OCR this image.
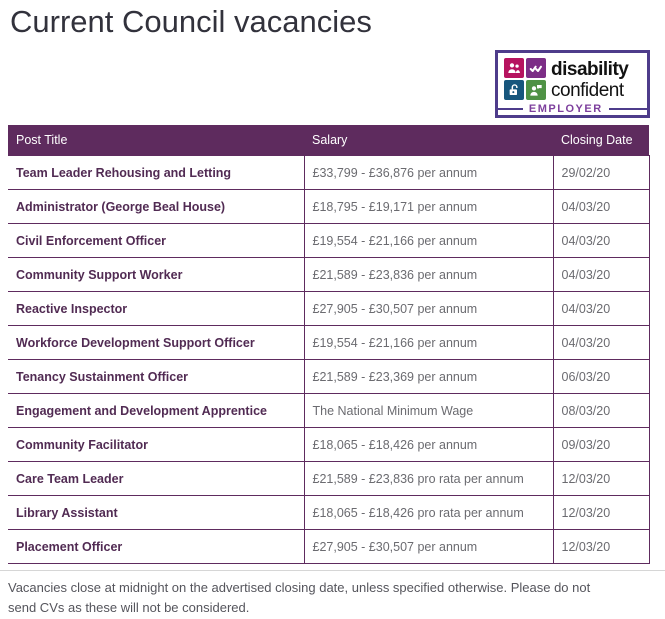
Current Council vacancies
disability
confident
EMPLOYER
Post Title	Salary	Closing Date
Team Leader Rehousing and Letting	£33,799 - £36,876 per annum	29/02/20
Administrator (George Beal House)	£18,795 - £19,171 per annum	04/03/20
Civil Enforcement Officer	£19,554 - £21,166 per annum	04/03/20
Community Support Worker	£21,589 - £23,836 per annum	04/03/20
Reactive Inspector	£27,905 - £30,507 per annum	04/03/20
Workforce Development Support Officer	£19,554 - £21,166 per annum	04/03/20
Tenancy Sustainment Officer	£21,589 - £23,369 per annum	06/03/20
Engagement and Development Apprentice	The National Minimum Wage	08/03/20
Community Facilitator	£18,065 - £18,426 per annum	09/03/20
Care Team Leader	£21,589 - £23,836 pro rata per annum	12/03/20
Library Assistant	£18,065 - £18,426 pro rata per annum	12/03/20
Placement Officer	£27,905 - £30,507 per annum	12/03/20

Vacancies close at midnight on the advertised closing date, unless specified otherwise. Please do not send CVs as these will not be considered.
